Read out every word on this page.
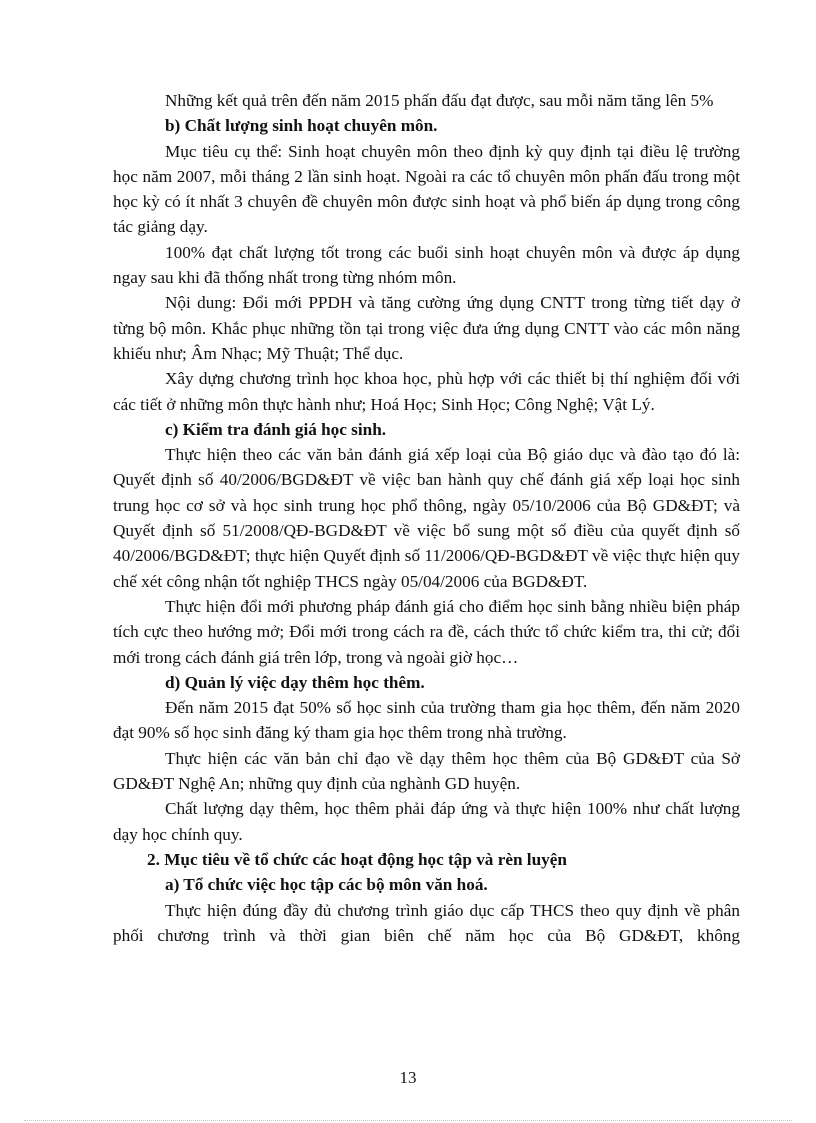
Những kết quả trên đến năm 2015 phấn đấu đạt được, sau mỗi năm tăng lên 5%

b) Chất lượng sinh hoạt chuyên môn.

Mục tiêu cụ thể: Sinh hoạt chuyên môn theo định kỳ quy định tại điều lệ trường học năm 2007, mỗi tháng 2 lần sinh hoạt. Ngoài ra các tổ chuyên môn phấn đấu trong một học kỳ có ít nhất 3 chuyên đề chuyên môn được sinh hoạt và phổ biến áp dụng trong công tác giảng dạy.

100% đạt chất lượng tốt trong các buổi sinh hoạt chuyên môn và được áp dụng ngay sau khi đã thống nhất trong từng nhóm môn.

Nội dung: Đổi mới PPDH và tăng cường ứng dụng CNTT trong từng tiết dạy ở từng bộ môn. Khắc phục những tồn tại trong việc đưa ứng dụng CNTT vào các môn năng khiếu như; Âm Nhạc; Mỹ Thuật; Thể dục.

Xây dựng chương trình học khoa học, phù hợp với các thiết bị thí nghiệm đối với các tiết ở những môn thực hành như; Hoá Học; Sinh Học; Công Nghệ; Vật Lý.

c) Kiểm tra đánh giá học sinh.

Thực hiện theo các văn bản đánh giá xếp loại của Bộ giáo dục và đào tạo đó là: Quyết định số 40/2006/BGD&ĐT về việc ban hành quy chế đánh giá xếp loại học sinh trung học cơ sở và học sinh trung học phổ thông, ngày 05/10/2006 của Bộ GD&ĐT; và Quyết định số 51/2008/QĐ-BGD&ĐT về việc bổ sung một số điều của quyết định số 40/2006/BGD&ĐT; thực hiện Quyết định số 11/2006/QĐ-BGD&ĐT về việc thực hiện quy chế xét công nhận tốt nghiệp THCS ngày 05/04/2006 của BGD&ĐT.

Thực hiện đổi mới phương pháp đánh giá cho điểm học sinh bằng nhiều biện pháp tích cực theo hướng mở; Đổi mới trong cách ra đề, cách thức tổ chức kiểm tra, thi cử; đổi mới trong cách đánh giá trên lớp, trong và ngoài giờ học…

d) Quản lý việc dạy thêm học thêm.

Đến năm 2015 đạt 50% số học sinh của trường tham gia học thêm, đến năm 2020 đạt 90% số học sinh đăng ký tham gia học thêm trong nhà trường.

Thực hiện các văn bản chỉ đạo về dạy thêm học thêm của Bộ GD&ĐT của Sở GD&ĐT Nghệ An; những quy định của nghành GD huyện.

Chất lượng dạy thêm, học thêm phải đáp ứng và thực hiện 100% như chất lượng dạy học chính quy.

2. Mục tiêu về tổ chức các hoạt động học tập và rèn luyện

a) Tổ chức việc học tập các bộ môn văn hoá.

Thực hiện đúng đầy đủ chương trình giáo dục cấp THCS theo quy định về phân phối chương trình và thời gian biên chế năm học của Bộ GD&ĐT, không

13
